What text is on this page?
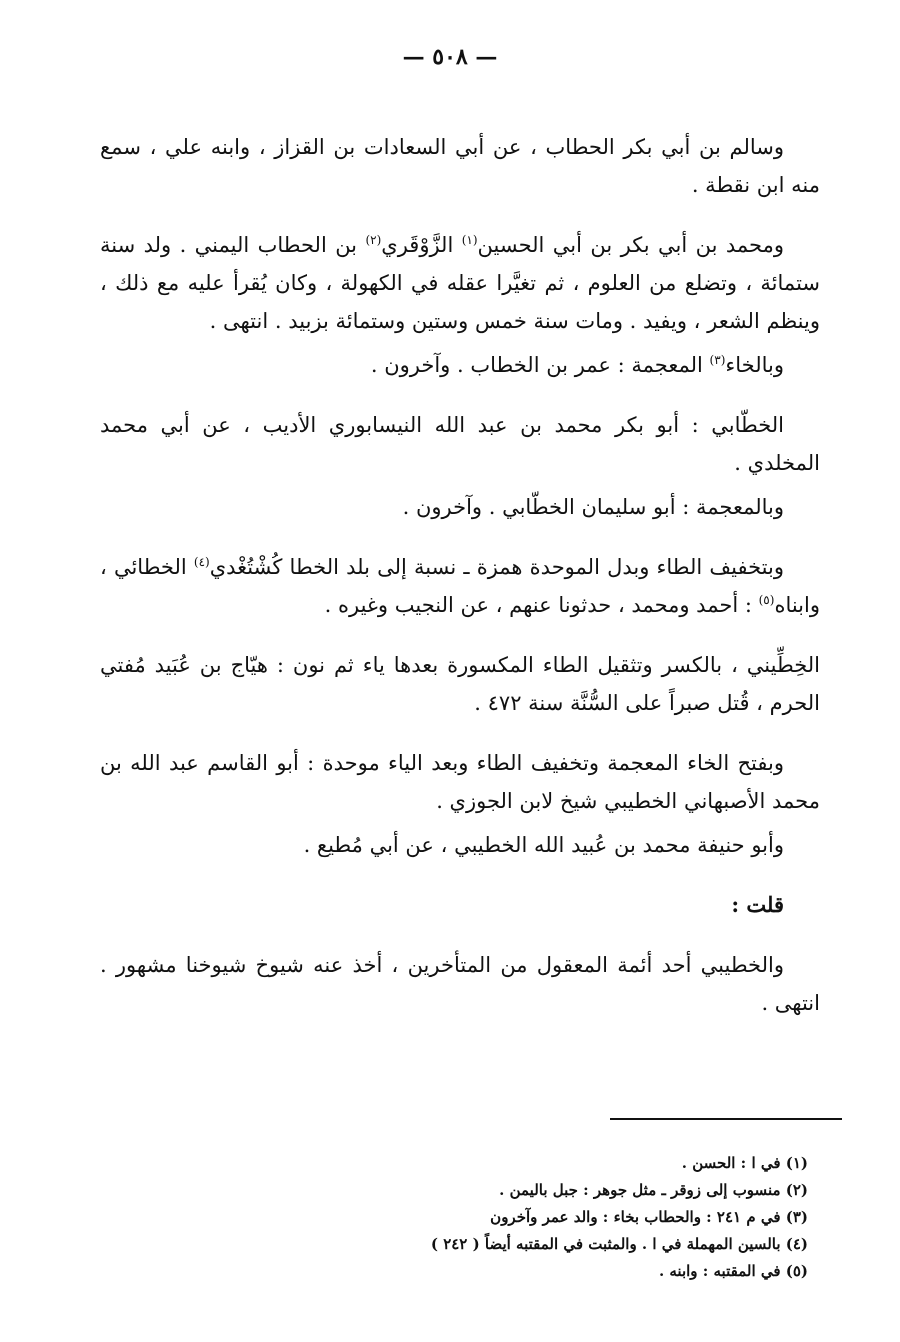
— ٥٠٨ —

وسالم بن أبي بكر الحطاب ، عن أبي السعادات بن القزاز ، وابنه علي ، سمع منه ابن نقطة .

ومحمد بن أبي بكر بن أبي الحسين$^{(١)}$ الزَّوْقَري$^{(٢)}$ بن الحطاب اليمني . ولد سنة ستمائة ، وتضلع من العلوم ، ثم تغيَّرا عقله في الكهولة ، وكان يُقرأ عليه مع ذلك ، وينظم الشعر ، ويفيد . ومات سنة خمس وستين وستمائة بزبيد . انتهى .

وبالخاء$^{(٣)}$ المعجمة : عمر بن الخطاب . وآخرون .

الخطّابي : أبو بكر محمد بن عبد الله النيسابوري الأديب ، عن أبي محمد المخلدي .

وبالمعجمة : أبو سليمان الخطّابي . وآخرون .

وبتخفيف الطاء وبدل الموحدة همزة ـ نسبة إلى بلد الخطا كُشْتُغْدي$^{(٤)}$ الخطائي ، وابناه$^{(٥)}$ : أحمد ومحمد ، حدثونا عنهم ، عن النجيب وغيره .

الخِطِّيني ، بالكسر وتثقيل الطاء المكسورة بعدها ياء ثم نون : هيّاج بن عُبَيد مُفتي الحرم ، قُتل صبراً على السُّنَّة سنة ٤٧٢ .

وبفتح الخاء المعجمة وتخفيف الطاء وبعد الياء موحدة : أبو القاسم عبد الله بن محمد الأصبهاني الخطيبي شيخ لابن الجوزي .

وأبو حنيفة محمد بن عُبيد الله الخطيبي ، عن أبي مُطيع .

قلت :

والخطيبي أحد أئمة المعقول من المتأخرين ، أخذ عنه شيوخ شيوخنا مشهور . انتهى .

(١) في ا : الحسن .

(٢) منسوب إلى زوقر ـ مثل جوهر : جبل باليمن .

(٣) في م ٢٤١ : والحطاب بخاء : والد عمر وآخرون

(٤) بالسين المهملة في ا . والمثبت في المقتبه أيضاً ( ٢٤٢ )

(٥) في المقتبه : وابنه .
